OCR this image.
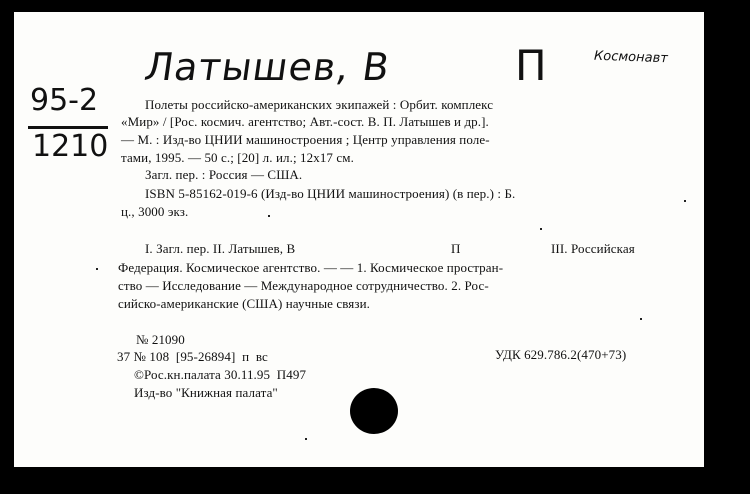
Латышев, В	П	Космонавт
95-2
1210
Полеты российско-американских экипажей : Орбит. комплекс
«Мир» / [Рос. космич. агентство; Авт.-сост. В. П. Латышев и др.].
— М. : Изд-во ЦНИИ машиностроения ; Центр управления поле-
тами, 1995. — 50 с.; [20] л. ил.; 12х17 см.
Загл. пер. : Россия — США.
ISBN 5-85162-019-6 (Изд-во ЦНИИ машиностроения) (в пер.) : Б.
ц., 3000 экз.
I. Загл. пер. II. Латышев, В	П	III. Российская
Федерация. Космическое агентство. — — 1. Космическое простран-
ство — Исследование — Международное сотрудничество. 2. Рос-
сийско-американские (США) научные связи.
№ 21090
37 № 108  [95-26894]  п  вс	УДК 629.786.2(470+73)
©Рос.кн.палата 30.11.95  П497
Изд-во "Книжная палата"
